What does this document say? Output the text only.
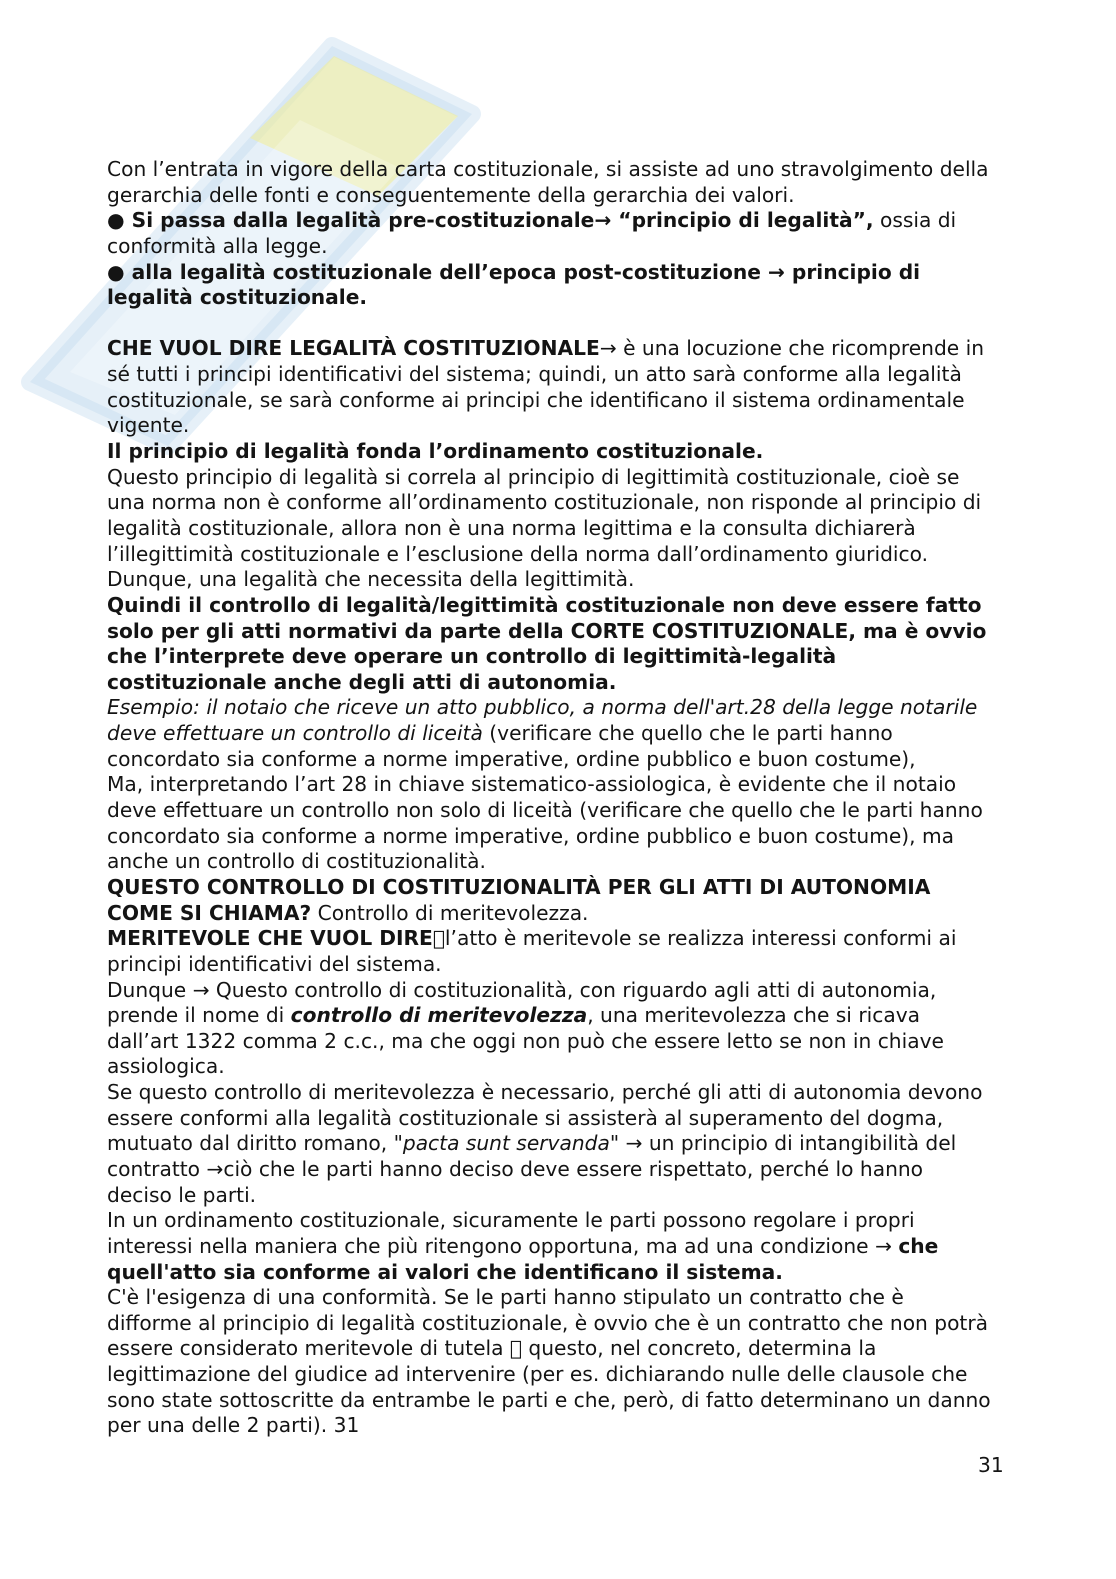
Con l’entrata in vigore della carta costituzionale, si assiste ad uno stravolgimento della
gerarchia delle fonti e conseguentemente della gerarchia dei valori.
● Si passa dalla legalità pre-costituzionale→ “principio di legalità”, ossia di
conformità alla legge.
● alla legalità costituzionale dell’epoca post-costituzione → principio di
legalità costituzionale.
CHE VUOL DIRE LEGALITÀ COSTITUZIONALE→ è una locuzione che ricomprende in
sé tutti i principi identificativi del sistema; quindi, un atto sarà conforme alla legalità
costituzionale, se sarà conforme ai principi che identificano il sistema ordinamentale
vigente.
Il principio di legalità fonda l’ordinamento costituzionale.
Questo principio di legalità si correla al principio di legittimità costituzionale, cioè se
una norma non è conforme all’ordinamento costituzionale, non risponde al principio di
legalità costituzionale, allora non è una norma legittima e la consulta dichiarerà
l’illegittimità costituzionale e l’esclusione della norma dall’ordinamento giuridico.
Dunque, una legalità che necessita della legittimità.
Quindi il controllo di legalità/legittimità costituzionale non deve essere fatto
solo per gli atti normativi da parte della CORTE COSTITUZIONALE, ma è ovvio
che l’interprete deve operare un controllo di legittimità-legalità
costituzionale anche degli atti di autonomia.
Esempio: il notaio che riceve un atto pubblico, a norma dell'art.28 della legge notarile
deve effettuare un controllo di liceità (verificare che quello che le parti hanno
concordato sia conforme a norme imperative, ordine pubblico e buon costume),
Ma, interpretando l’art 28 in chiave sistematico-assiologica, è evidente che il notaio
deve effettuare un controllo non solo di liceità (verificare che quello che le parti hanno
concordato sia conforme a norme imperative, ordine pubblico e buon costume), ma
anche un controllo di costituzionalità.
QUESTO CONTROLLO DI COSTITUZIONALITÀ PER GLI ATTI DI AUTONOMIA
COME SI CHIAMA? Controllo di meritevolezza.
MERITEVOLE CHE VUOL DIRE l’atto è meritevole se realizza interessi conformi ai
principi identificativi del sistema.
Dunque → Questo controllo di costituzionalità, con riguardo agli atti di autonomia,
prende il nome di controllo di meritevolezza, una meritevolezza che si ricava
dall’art 1322 comma 2 c.c., ma che oggi non può che essere letto se non in chiave
assiologica.
Se questo controllo di meritevolezza è necessario, perché gli atti di autonomia devono
essere conformi alla legalità costituzionale si assisterà al superamento del dogma,
mutuato dal diritto romano, "pacta sunt servanda" → un principio di intangibilità del
contratto →ciò che le parti hanno deciso deve essere rispettato, perché lo hanno
deciso le parti.
In un ordinamento costituzionale, sicuramente le parti possono regolare i propri
interessi nella maniera che più ritengono opportuna, ma ad una condizione → che
quell'atto sia conforme ai valori che identificano il sistema.
C'è l'esigenza di una conformità. Se le parti hanno stipulato un contratto che è
difforme al principio di legalità costituzionale, è ovvio che è un contratto che non potrà
essere considerato meritevole di tutela   questo, nel concreto, determina la
legittimazione del giudice ad intervenire (per es. dichiarando nulle delle clausole che
sono state sottoscritte da entrambe le parti e che, però, di fatto determinano un danno
per una delle 2 parti). 31
31
